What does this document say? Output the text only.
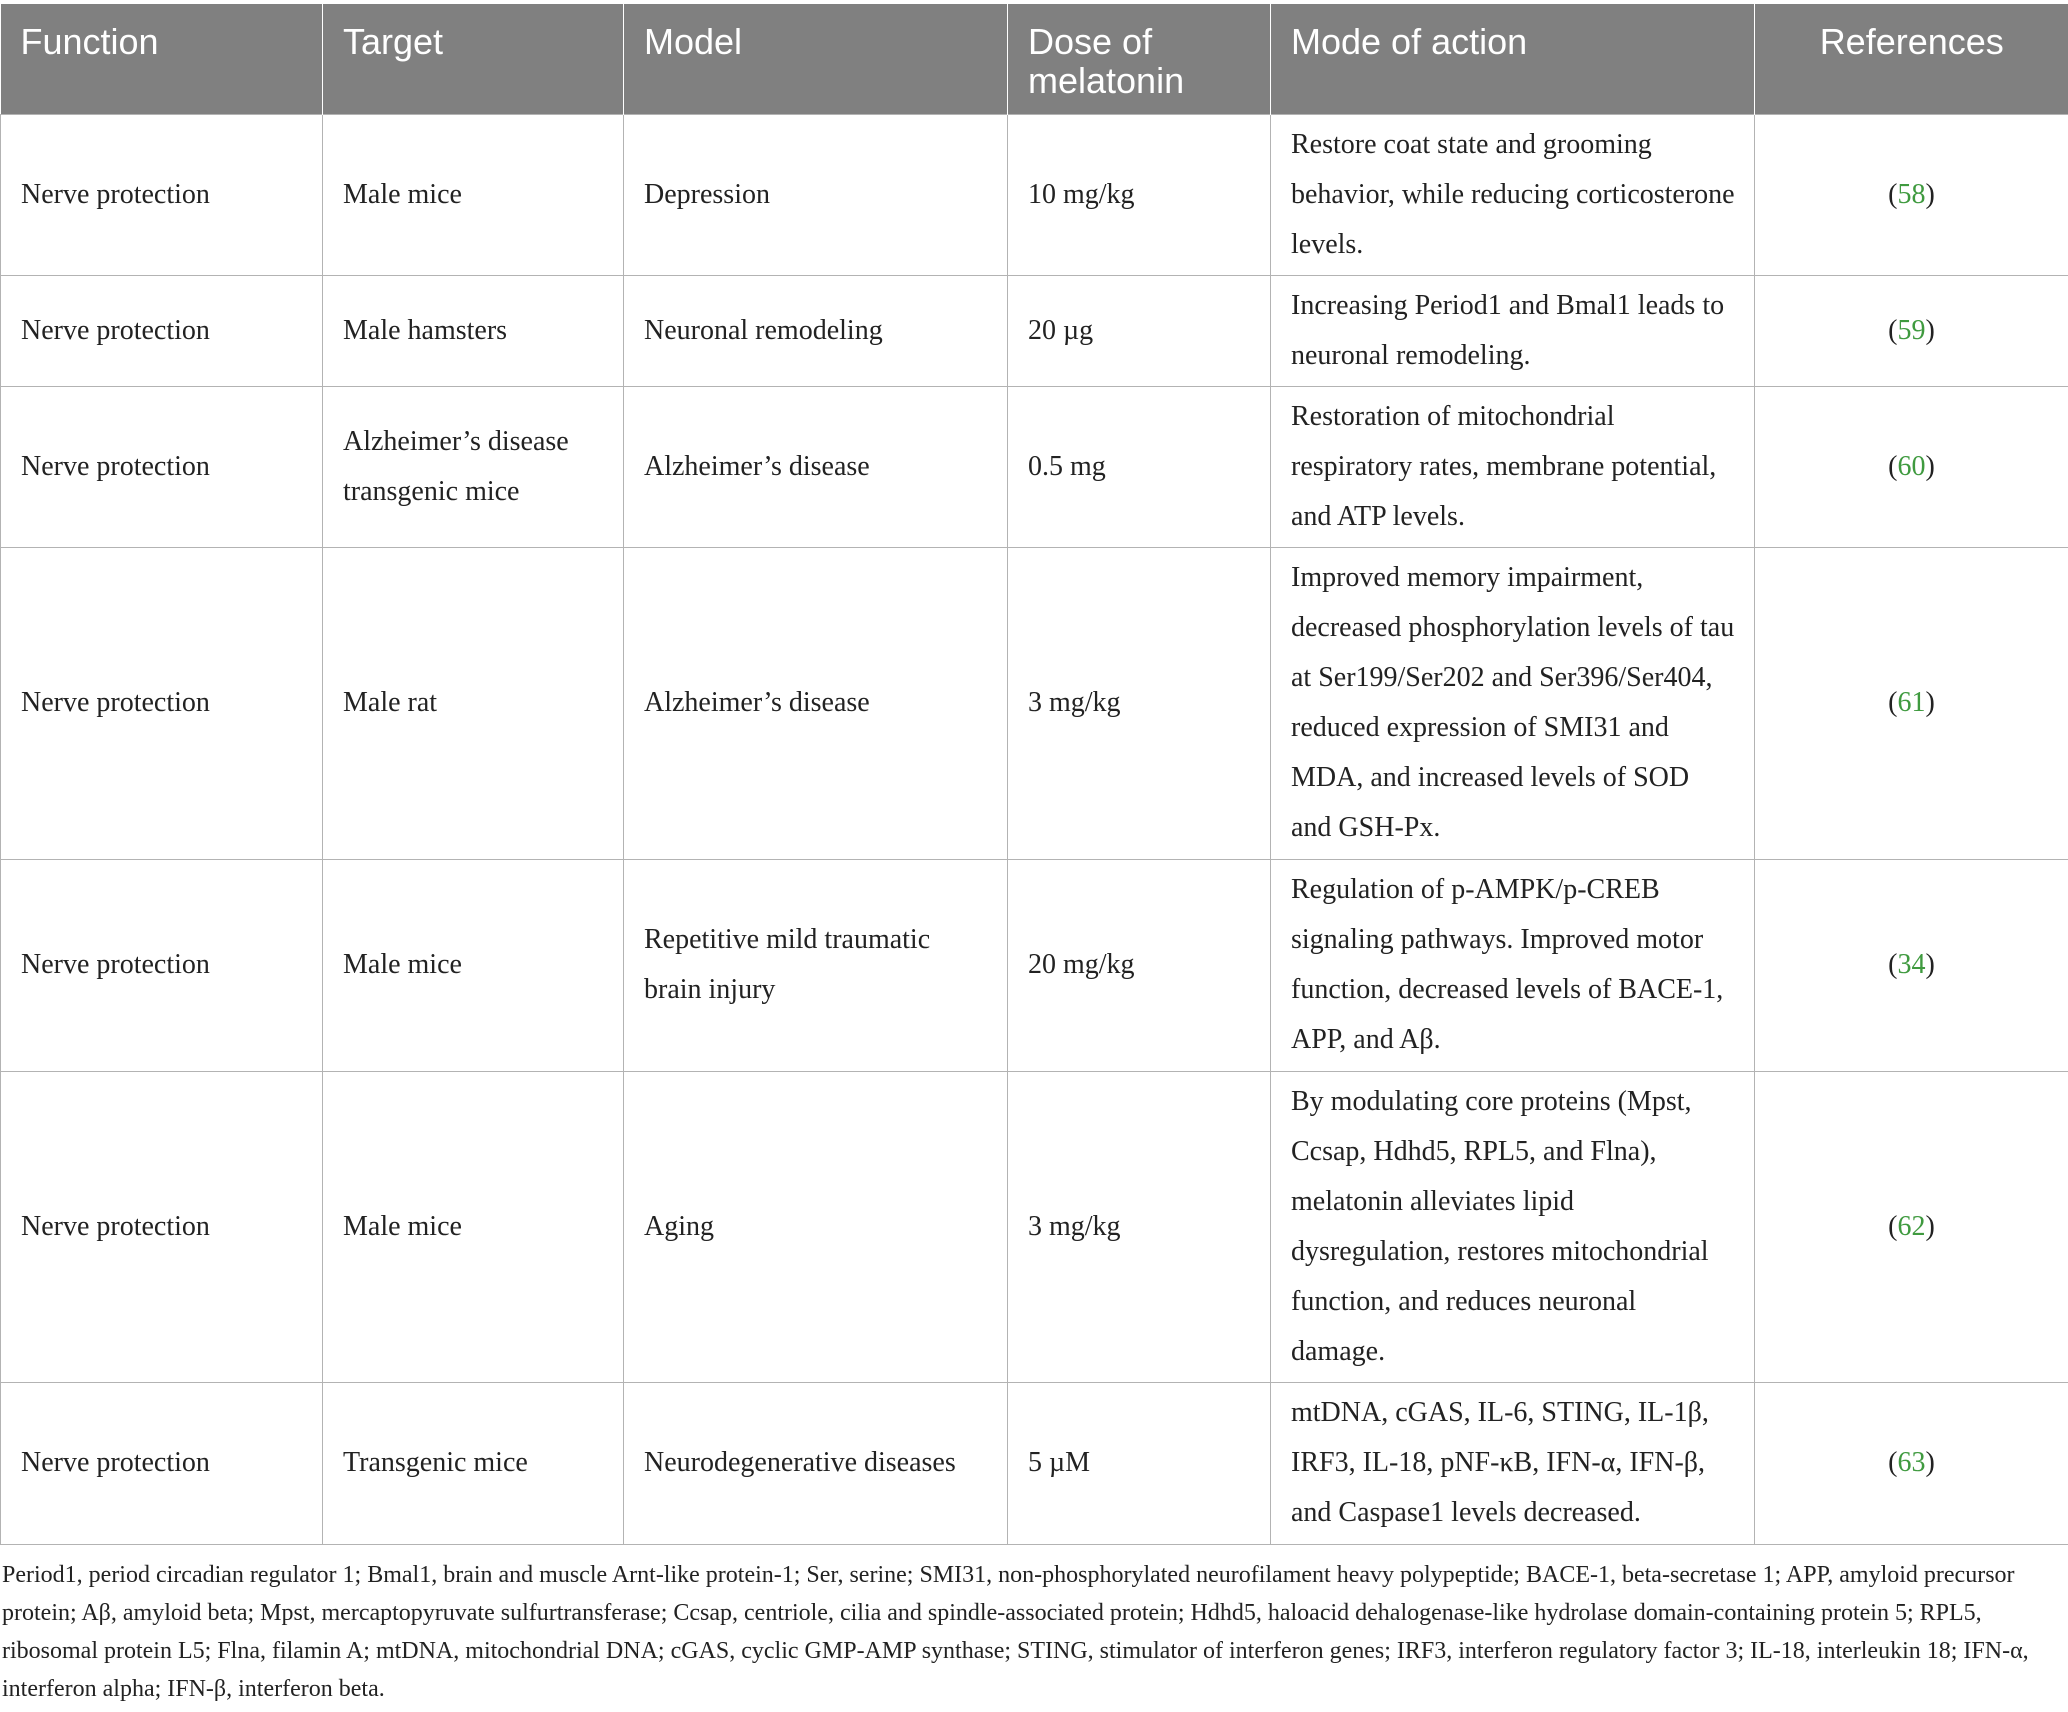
Function	Target	Model	Dose of melatonin	Mode of action	References
Nerve protection	Male mice	Depression	10 mg/kg	Restore coat state and grooming behavior, while reducing corticosterone levels.	(58)
Nerve protection	Male hamsters	Neuronal remodeling	20 µg	Increasing Period1 and Bmal1 leads to neuronal remodeling.	(59)
Nerve protection	Alzheimer’s disease transgenic mice	Alzheimer’s disease	0.5 mg	Restoration of mitochondrial respiratory rates, membrane potential, and ATP levels.	(60)
Nerve protection	Male rat	Alzheimer’s disease	3 mg/kg	Improved memory impairment, decreased phosphorylation levels of tau at Ser199/Ser202 and Ser396/Ser404, reduced expression of SMI31 and MDA, and increased levels of SOD and GSH-Px.	(61)
Nerve protection	Male mice	Repetitive mild traumatic brain injury	20 mg/kg	Regulation of p-AMPK/p-CREB signaling pathways. Improved motor function, decreased levels of BACE-1, APP, and Aβ.	(34)
Nerve protection	Male mice	Aging	3 mg/kg	By modulating core proteins (Mpst, Ccsap, Hdhd5, RPL5, and Flna), melatonin alleviates lipid dysregulation, restores mitochondrial function, and reduces neuronal damage.	(62)
Nerve protection	Transgenic mice	Neurodegenerative diseases	5 µM	mtDNA, cGAS, IL-6, STING, IL-1β, IRF3, IL-18, pNF-κB, IFN-α, IFN-β, and Caspase1 levels decreased.	(63)
Period1, period circadian regulator 1; Bmal1, brain and muscle Arnt-like protein-1; Ser, serine; SMI31, non-phosphorylated neurofilament heavy polypeptide; BACE-1, beta-secretase 1; APP, amyloid precursor protein; Aβ, amyloid beta; Mpst, mercaptopyruvate sulfurtransferase; Ccsap, centriole, cilia and spindle-associated protein; Hdhd5, haloacid dehalogenase-like hydrolase domain-containing protein 5; RPL5, ribosomal protein L5; Flna, filamin A; mtDNA, mitochondrial DNA; cGAS, cyclic GMP-AMP synthase; STING, stimulator of interferon genes; IRF3, interferon regulatory factor 3; IL-18, interleukin 18; IFN-α, interferon alpha; IFN-β, interferon beta.
